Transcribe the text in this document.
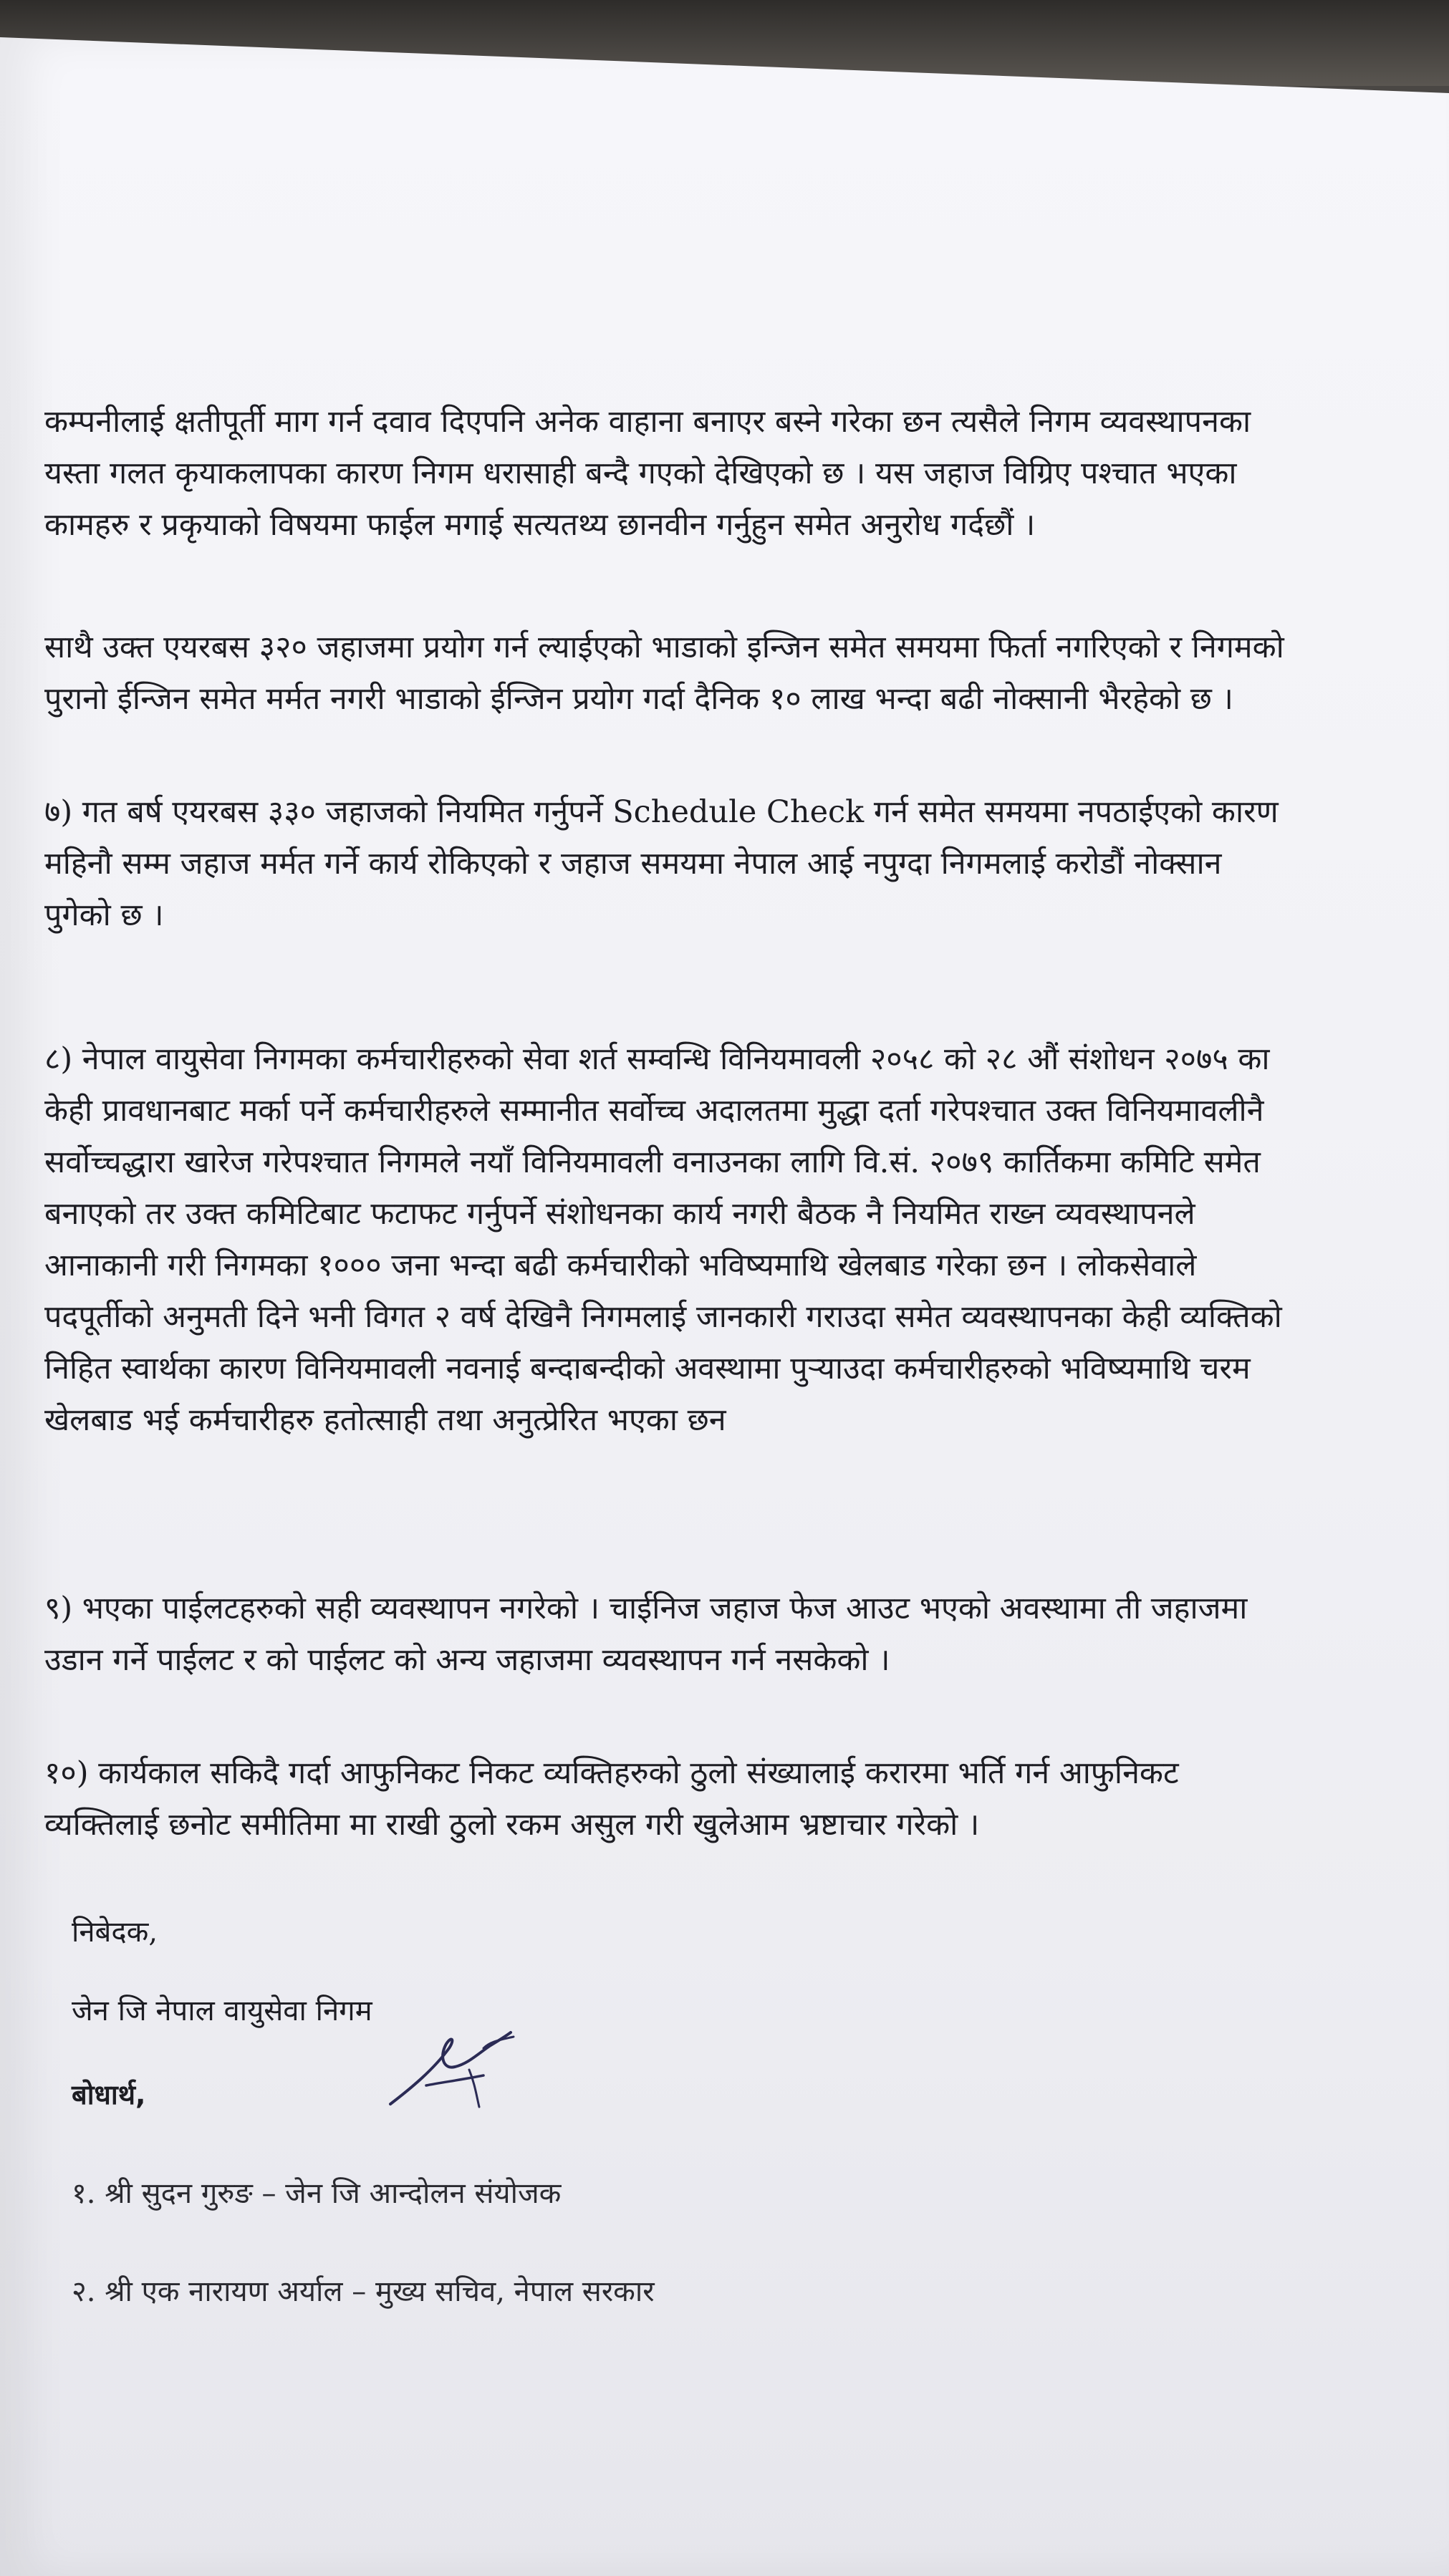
कम्पनीलाई क्षतीपूर्ती माग गर्न दवाव दिएपनि अनेक वाहाना बनाएर बस्ने गरेका छन त्यसैले निगम व्यवस्थापनका
यस्ता गलत कृयाकलापका कारण निगम धरासाही बन्दै गएको देखिएको छ । यस जहाज विग्रिए पश्चात भएका
कामहरु र प्रकृयाको विषयमा फाईल मगाई सत्यतथ्य छानवीन गर्नुहुन समेत अनुरोध गर्दछौं ।

साथै उक्त एयरबस ३२० जहाजमा प्रयोग गर्न ल्याईएको भाडाको इन्जिन समेत समयमा फिर्ता नगरिएको र निगमको
पुरानो ईन्जिन समेत मर्मत नगरी भाडाको ईन्जिन प्रयोग गर्दा दैनिक १० लाख भन्दा बढी नोक्सानी भैरहेको छ ।

७) गत बर्ष एयरबस ३३० जहाजको नियमित गर्नुपर्ने Schedule Check गर्न समेत समयमा नपठाईएको कारण
महिनौ सम्म जहाज मर्मत गर्ने कार्य रोकिएको र जहाज समयमा नेपाल आई नपुग्दा निगमलाई करोडौं नोक्सान
पुगेको छ ।

८) नेपाल वायुसेवा निगमका कर्मचारीहरुको सेवा शर्त सम्वन्धि विनियमावली २०५८ को २८ औं संशोधन २०७५ का
केही प्रावधानबाट मर्का पर्ने कर्मचारीहरुले सम्मानीत सर्वोच्च अदालतमा मुद्धा दर्ता गरेपश्चात उक्त विनियमावलीनै
सर्वोच्चद्धारा खारेज गरेपश्चात निगमले नयाँ विनियमावली वनाउनका लागि वि.सं. २०७९ कार्तिकमा कमिटि समेत
बनाएको तर उक्त कमिटिबाट फटाफट गर्नुपर्ने संशोधनका कार्य नगरी बैठक नै नियमित राख्न व्यवस्थापनले
आनाकानी गरी निगमका १००० जना भन्दा बढी कर्मचारीको भविष्यमाथि खेलबाड गरेका छन । लोकसेवाले
पदपूर्तीको अनुमती दिने भनी विगत २ वर्ष देखिनै निगमलाई जानकारी गराउदा समेत व्यवस्थापनका केही व्यक्तिको
निहित स्वार्थका कारण विनियमावली नवनाई बन्दाबन्दीको अवस्थामा पुऱ्याउदा कर्मचारीहरुको भविष्यमाथि चरम
खेलबाड भई कर्मचारीहरु हतोत्साही तथा अनुत्प्रेरित भएका छन

९) भएका पाईलटहरुको सही व्यवस्थापन नगरेको । चाईनिज जहाज फेज आउट भएको अवस्थामा ती जहाजमा
उडान गर्ने पाईलट र को पाईलट को अन्य जहाजमा व्यवस्थापन गर्न नसकेको ।

१०) कार्यकाल सकिदै गर्दा आफुनिकट निकट व्यक्तिहरुको ठुलो संख्यालाई करारमा भर्ति गर्न आफुनिकट
व्यक्तिलाई छनोट समीतिमा मा राखी ठुलो रकम असुल गरी खुलेआम भ्रष्टाचार गरेको ।

निबेदक,

जेन जि नेपाल वायुसेवा निगम

बोधार्थ,

१. श्री सुदन गुरुङ – जेन जि आन्दोलन संयोजक

२. श्री एक नारायण अर्याल – मुख्य सचिव, नेपाल सरकार
